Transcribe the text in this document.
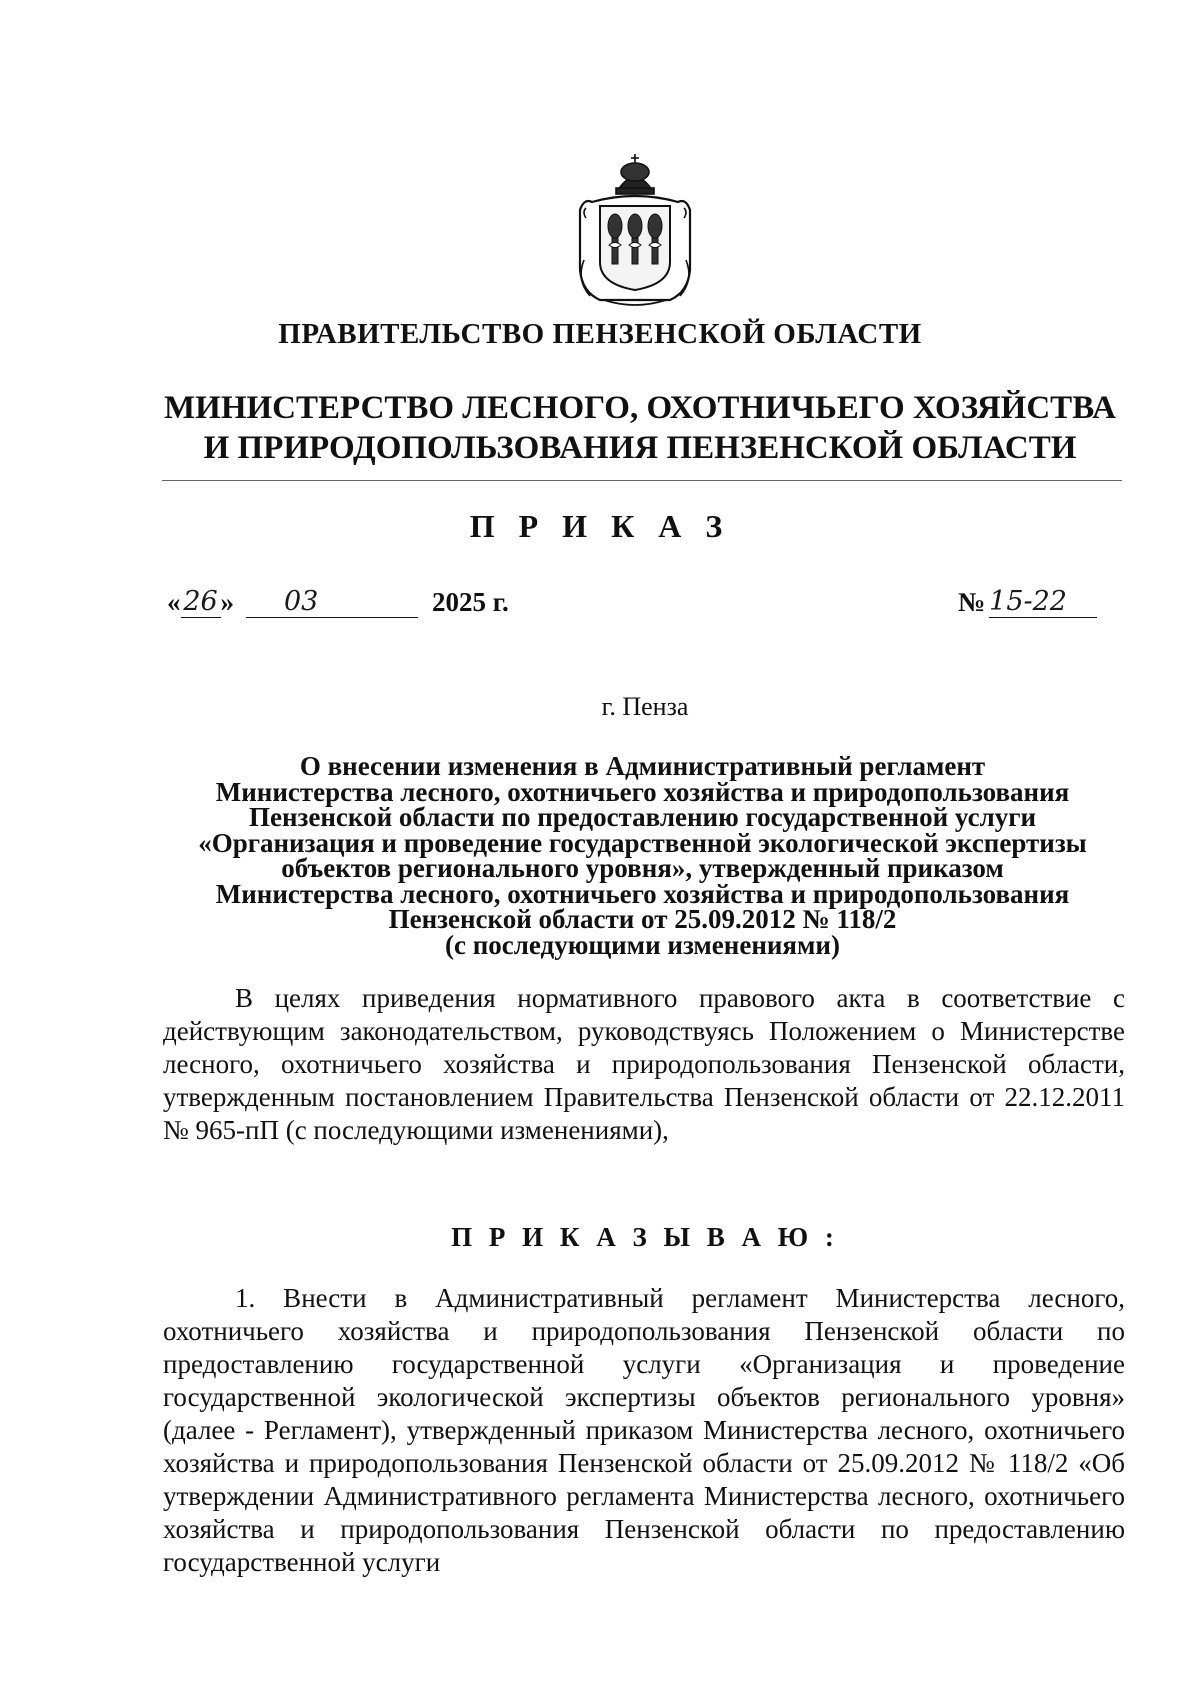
ПРАВИТЕЛЬСТВО ПЕНЗЕНСКОЙ ОБЛАСТИ
МИНИСТЕРСТВО ЛЕСНОГО, ОХОТНИЧЬЕГО ХОЗЯЙСТВА
И ПРИРОДОПОЛЬЗОВАНИЯ ПЕНЗЕНСКОЙ ОБЛАСТИ
П Р И К А З
« 26 »	03	2025 г.	№ 15-22
г. Пенза
О внесении изменения в Административный регламент
Министерства лесного, охотничьего хозяйства и природопользования
Пензенской области по предоставлению государственной услуги
«Организация и проведение государственной экологической экспертизы
объектов регионального уровня», утвержденный приказом
Министерства лесного, охотничьего хозяйства и природопользования
Пензенской области от 25.09.2012 № 118/2
(с последующими изменениями)
В целях приведения нормативного правового акта в соответствие с действующим законодательством, руководствуясь Положением о Министерстве лесного, охотничьего хозяйства и природопользования Пензенской области, утвержденным постановлением Правительства Пензенской области от 22.12.2011 № 965-пП (с последующими изменениями),
П Р И К А З Ы В А Ю :
1. Внести в Административный регламент Министерства лесного, охотничьего хозяйства и природопользования Пензенской области по предоставлению государственной услуги «Организация и проведение государственной экологической экспертизы объектов регионального уровня» (далее - Регламент), утвержденный приказом Министерства лесного, охотничьего хозяйства и природопользования Пензенской области от 25.09.2012 № 118/2 «Об утверждении Административного регламента Министерства лесного, охотничьего хозяйства и природопользования Пензенской области по предоставлению государственной услуги
